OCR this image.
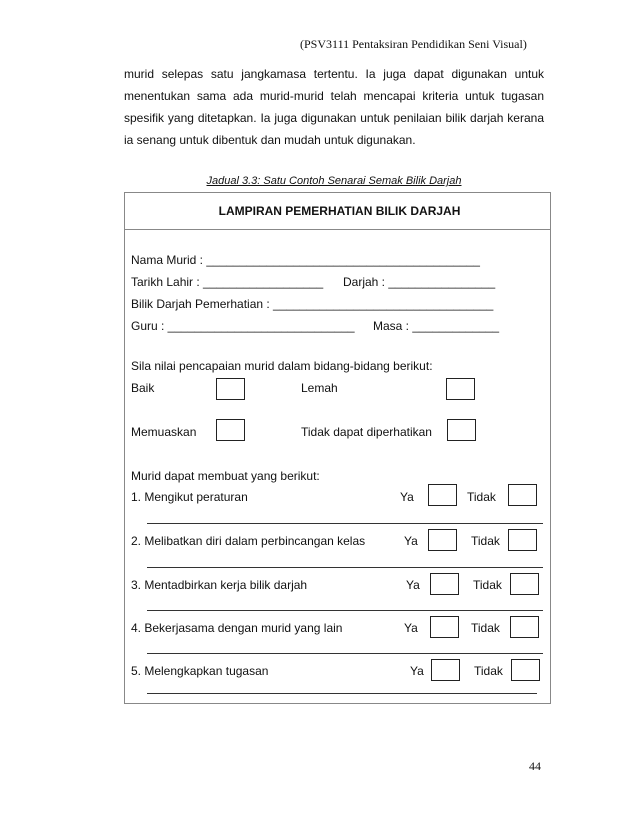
(PSV3111 Pentaksiran Pendidikan Seni Visual)

murid selepas satu jangkamasa tertentu. Ia juga dapat digunakan untuk menentukan sama ada murid-murid telah mencapai kriteria untuk tugasan spesifik yang ditetapkan. Ia juga digunakan untuk penilaian bilik darjah kerana ia senang untuk dibentuk dan mudah untuk digunakan.

Jadual 3.3: Satu Contoh Senarai Semak Bilik Darjah
LAMPIRAN PEMERHATIAN BILIK DARJAH
Nama Murid : _________________________________________
Tarikh Lahir : __________________ Darjah : ________________
Bilik Darjah Pemerhatian : _________________________________
Guru : ____________________________ Masa : _____________
Sila nilai pencapaian murid dalam bidang-bidang berikut:
Baik	Lemah
Memuaskan	Tidak dapat diperhatikan
Murid dapat membuat yang berikut:
1. Mengikut peraturan	Ya	Tidak
2. Melibatkan diri dalam perbincangan kelas	Ya	Tidak
3. Mentadbirkan kerja bilik darjah	Ya	Tidak
4. Bekerjasama dengan murid yang lain	Ya	Tidak
5. Melengkapkan tugasan	Ya	Tidak
44
